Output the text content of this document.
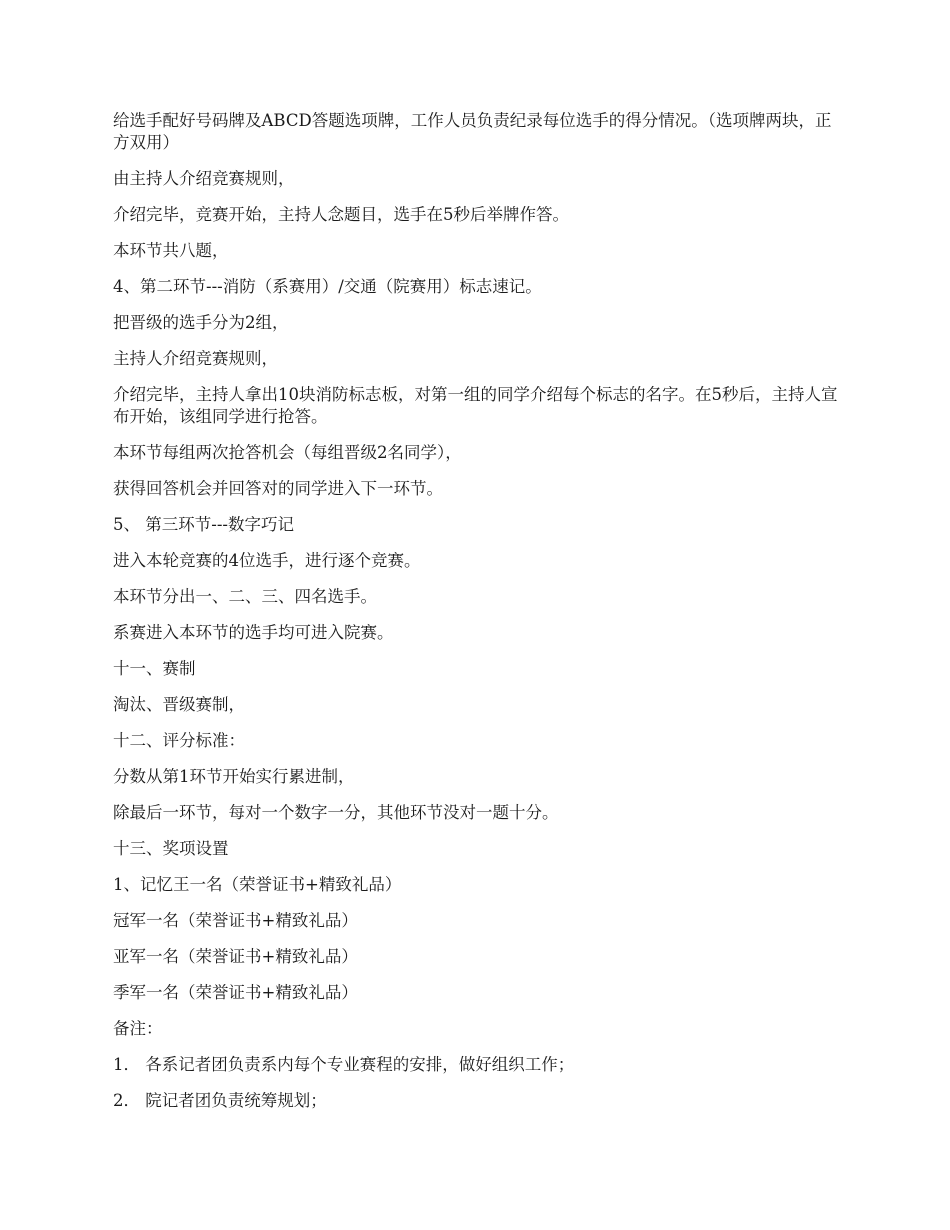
给选手配好号码牌及ABCD答题选项牌，工作人员负责纪录每位选手的得分情况。（选项牌两块，正方双用）

由主持人介绍竞赛规则，

介绍完毕，竞赛开始，主持人念题目，选手在5秒后举牌作答。

本环节共八题，

4、第二环节---消防（系赛用）/交通（院赛用）标志速记。

把晋级的选手分为2组，

主持人介绍竞赛规则，

介绍完毕，主持人拿出10块消防标志板，对第一组的同学介绍每个标志的名字。在5秒后，主持人宣布开始，该组同学进行抢答。

本环节每组两次抢答机会（每组晋级2名同学），

获得回答机会并回答对的同学进入下一环节。

5、 第三环节---数字巧记

进入本轮竞赛的4位选手，进行逐个竞赛。

本环节分出一、二、三、四名选手。

系赛进入本环节的选手均可进入院赛。

十一、赛制

淘汰、晋级赛制，

十二、评分标准：

分数从第1环节开始实行累进制，

除最后一环节，每对一个数字一分，其他环节没对一题十分。

十三、奖项设置

1、记忆王一名（荣誉证书+精致礼品）

冠军一名（荣誉证书+精致礼品）

亚军一名（荣誉证书+精致礼品）

季军一名（荣誉证书+精致礼品）

备注：

1． 各系记者团负责系内每个专业赛程的安排，做好组织工作；

2． 院记者团负责统筹规划；
